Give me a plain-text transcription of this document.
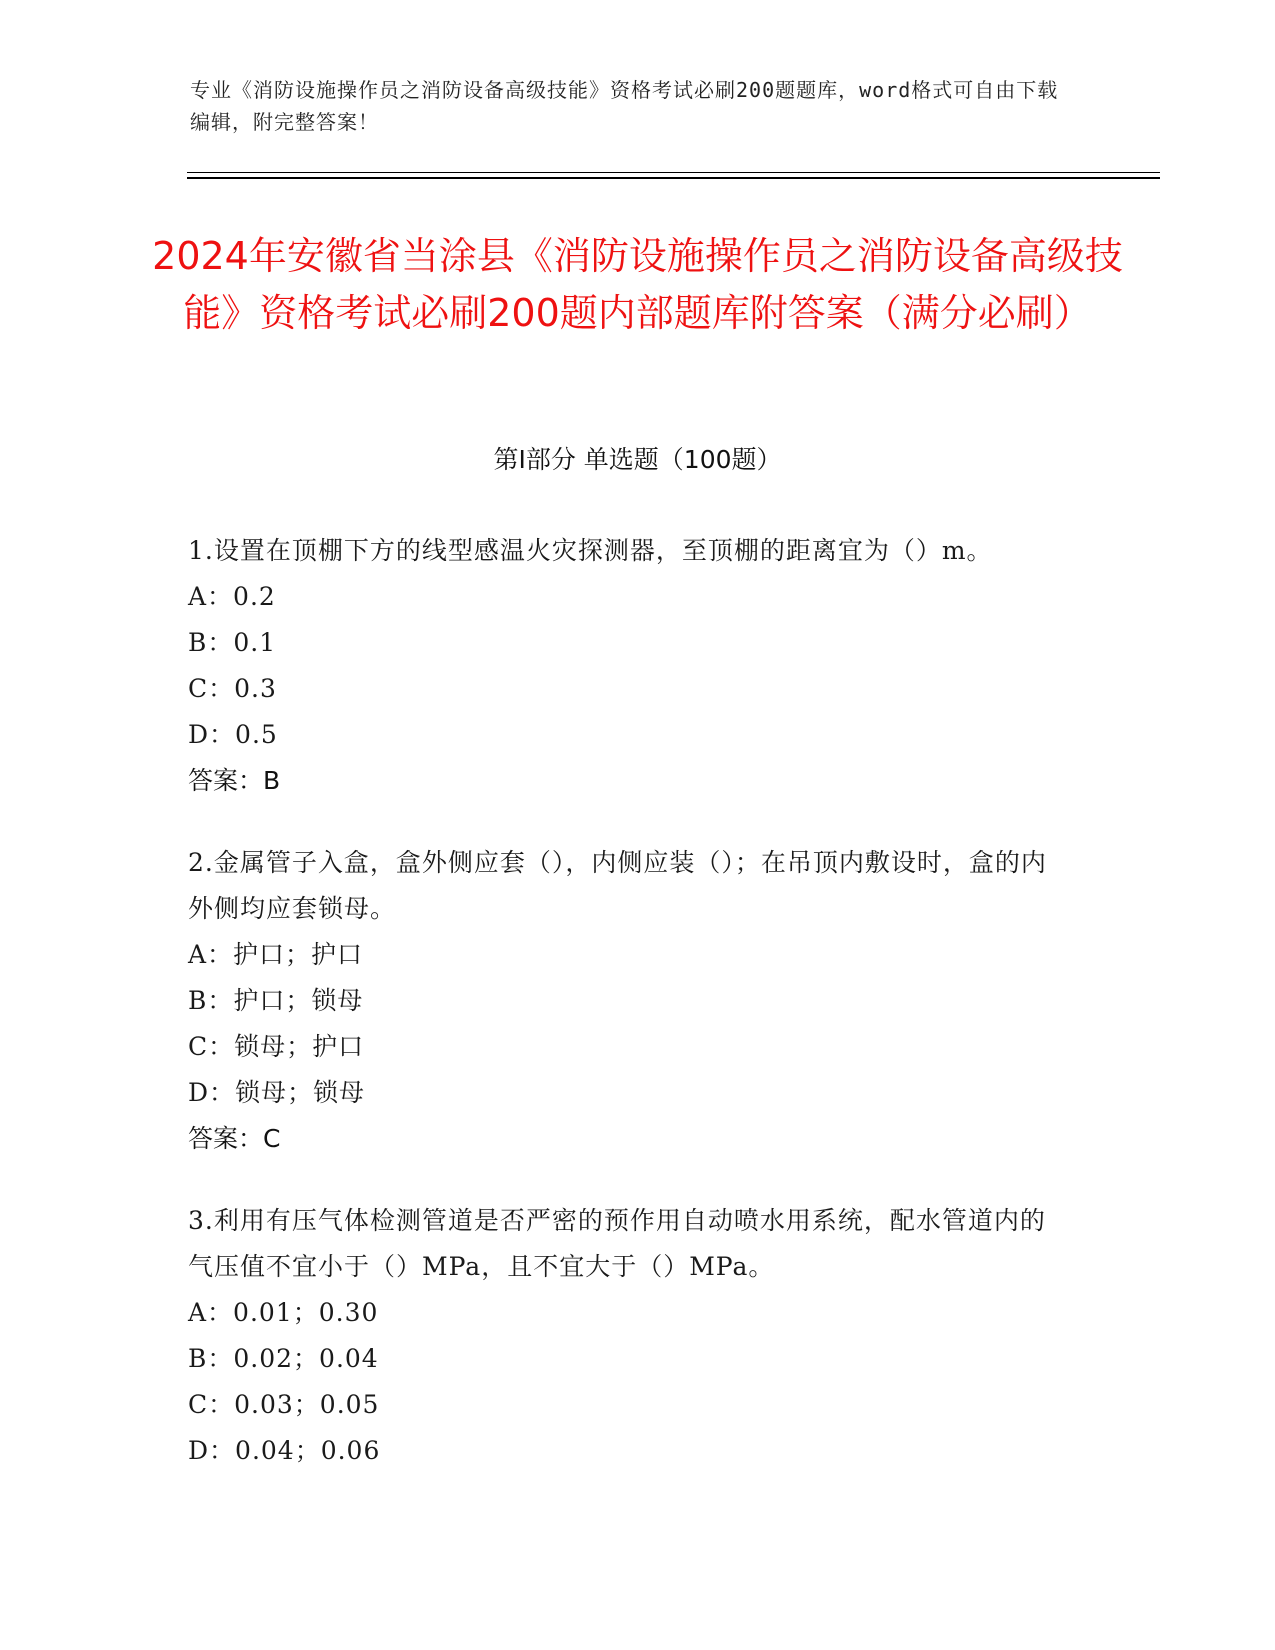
专业《消防设施操作员之消防设备高级技能》资格考试必刷200题题库，word格式可自由下载编辑，附完整答案！
2024年安徽省当涂县《消防设施操作员之消防设备高级技能》资格考试必刷200题内部题库附答案（满分必刷）
第Ⅰ部分 单选题（100题）
1.设置在顶棚下方的线型感温火灾探测器，至顶棚的距离宜为（）m。
A：0.2
B：0.1
C：0.3
D：0.5
答案：B
2.金属管子入盒，盒外侧应套（），内侧应装（）；在吊顶内敷设时，盒的内外侧均应套锁母。
A：护口；护口
B：护口；锁母
C：锁母；护口
D：锁母；锁母
答案：C
3.利用有压气体检测管道是否严密的预作用自动喷水用系统，配水管道内的气压值不宜小于（）MPa，且不宜大于（）MPa。
A：0.01；0.30
B：0.02；0.04
C：0.03；0.05
D：0.04；0.06
